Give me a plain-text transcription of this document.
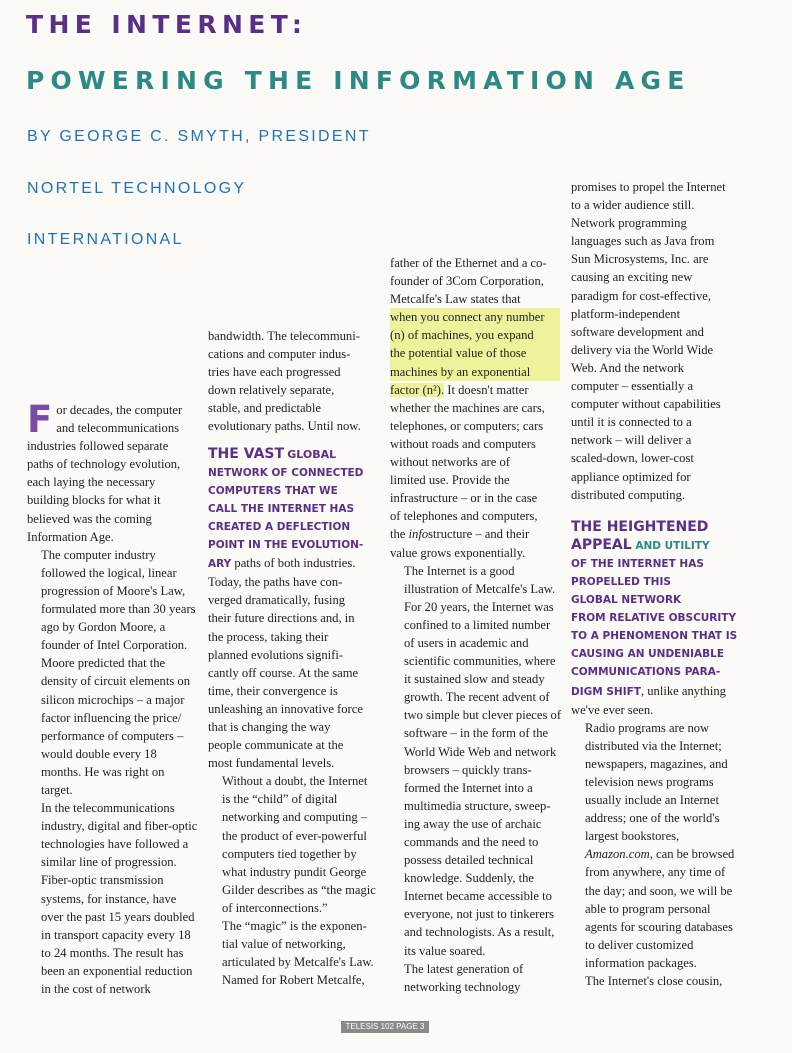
THE INTERNET:
POWERING THE INFORMATION AGE
BY GEORGE C. SMYTH, PRESIDENT
NORTEL TECHNOLOGY
INTERNATIONAL

F or decades, the computer
and telecommunications
industries followed separate
paths of technology evolution,
each laying the necessary
building blocks for what it
believed was the coming
Information Age.

The computer industry
followed the logical, linear
progression of Moore's Law,
formulated more than 30 years
ago by Gordon Moore, a
founder of Intel Corporation.
Moore predicted that the
density of circuit elements on
silicon microchips – a major
factor influencing the price/
performance of computers –
would double every 18
months. He was right on
target.

In the telecommunications
industry, digital and fiber-optic
technologies have followed a
similar line of progression.
Fiber-optic transmission
systems, for instance, have
over the past 15 years doubled
in transport capacity every 18
to 24 months. The result has
been an exponential reduction
in the cost of network

bandwidth. The telecommuni-
cations and computer indus-
tries have each progressed
down relatively separate,
stable, and predictable
evolutionary paths. Until now.

THE VAST GLOBAL
NETWORK OF CONNECTED
COMPUTERS THAT WE
CALL THE INTERNET HAS
CREATED A DEFLECTION
POINT IN THE EVOLUTION-
ARY paths of both industries.

Today, the paths have con-
verged dramatically, fusing
their future directions and, in
the process, taking their
planned evolutions signifi-
cantly off course. At the same
time, their convergence is
unleashing an innovative force
that is changing the way
people communicate at the
most fundamental levels.

Without a doubt, the Internet
is the “child” of digital
networking and computing –
the product of ever-powerful
computers tied together by
what industry pundit George
Gilder describes as “the magic
of interconnections.”

The “magic” is the exponen-
tial value of networking,
articulated by Metcalfe's Law.
Named for Robert Metcalfe,

father of the Ethernet and a co-
founder of 3Com Corporation,
Metcalfe's Law states that
when you connect any number
(n) of machines, you expand
the potential value of those
machines by an exponential
factor (n²). It doesn't matter
whether the machines are cars,
telephones, or computers; cars
without roads and computers
without networks are of
limited use. Provide the
infrastructure – or in the case
of telephones and computers,
the infostructure – and their
value grows exponentially.

The Internet is a good
illustration of Metcalfe's Law.
For 20 years, the Internet was
confined to a limited number
of users in academic and
scientific communities, where
it sustained slow and steady
growth. The recent advent of
two simple but clever pieces of
software – in the form of the
World Wide Web and network
browsers – quickly trans-
formed the Internet into a
multimedia structure, sweep-
ing away the use of archaic
commands and the need to
possess detailed technical
knowledge. Suddenly, the
Internet became accessible to
everyone, not just to tinkerers
and technologists. As a result,
its value soared.

The latest generation of
networking technology

promises to propel the Internet
to a wider audience still.
Network programming
languages such as Java from
Sun Microsystems, Inc. are
causing an exciting new
paradigm for cost-effective,
platform-independent
software development and
delivery via the World Wide
Web. And the network
computer – essentially a
computer without capabilities
until it is connected to a
network – will deliver a
scaled-down, lower-cost
appliance optimized for
distributed computing.

THE HEIGHTENED
APPEAL AND UTILITY
OF THE INTERNET HAS
PROPELLED THIS
GLOBAL NETWORK
FROM RELATIVE OBSCURITY
TO A PHENOMENON THAT IS
CAUSING AN UNDENIABLE
COMMUNICATIONS PARA-
DIGM SHIFT, unlike anything
we've ever seen.

Radio programs are now
distributed via the Internet;
newspapers, magazines, and
television news programs
usually include an Internet
address; one of the world's
largest bookstores,
Amazon.com, can be browsed
from anywhere, any time of
the day; and soon, we will be
able to program personal
agents for scouring databases
to deliver customized
information packages.

The Internet's close cousin,

TELESIS 102 PAGE 3
